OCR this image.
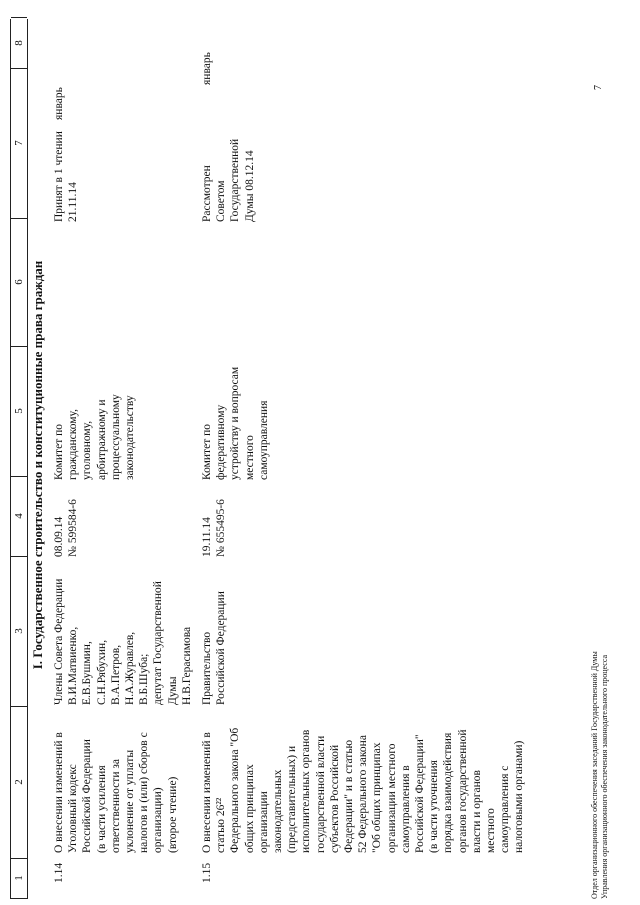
1
2
3
4
5
6
7
8
I. Государственное строительство и конституционные права граждан
1.14
О внесении изменений в
Уголовный кодекс
Российской Федерации
(в части усиления
ответственности за
уклонение от уплаты
налогов и (или) сборов с
организации)
(второе чтение)
Члены Совета Федерации
В.И.Матвиенко,
Е.В.Бушмин,
С.Н.Рябухин,
В.А.Петров,
Н.А.Журавлев,
В.Б.Шуба;
депутат Государственной
Думы
Н.В.Герасимова
08.09.14
№ 599584-6
Комитет по
гражданскому,
уголовному,
арбитражному и
процессуальному
законодательству
Принят в 1 чтении
21.11.14
январь
1.15
О внесении изменений в
статью 26²²
Федерального закона "Об
общих принципах
организации
законодательных
(представительных) и
исполнительных органов
государственной власти
субъектов Российской
Федерации" и в статью
52 Федерального закона
"Об общих принципах
организации местного
самоуправления в
Российской Федерации"
(в части уточнения
порядка взаимодействия
органов государственной
власти и органов
местного
самоуправления с
налоговыми органами)
Правительство
Российской Федерации
19.11.14
№ 655495-6
Комитет по
федеративному
устройству и вопросам
местного
самоуправления
Рассмотрен
Советом
Государственной
Думы 08.12.14
январь
Отдел организационного обеспечения заседаний Государственной Думы Управления организационного обеспечения законодательного процесса
7
